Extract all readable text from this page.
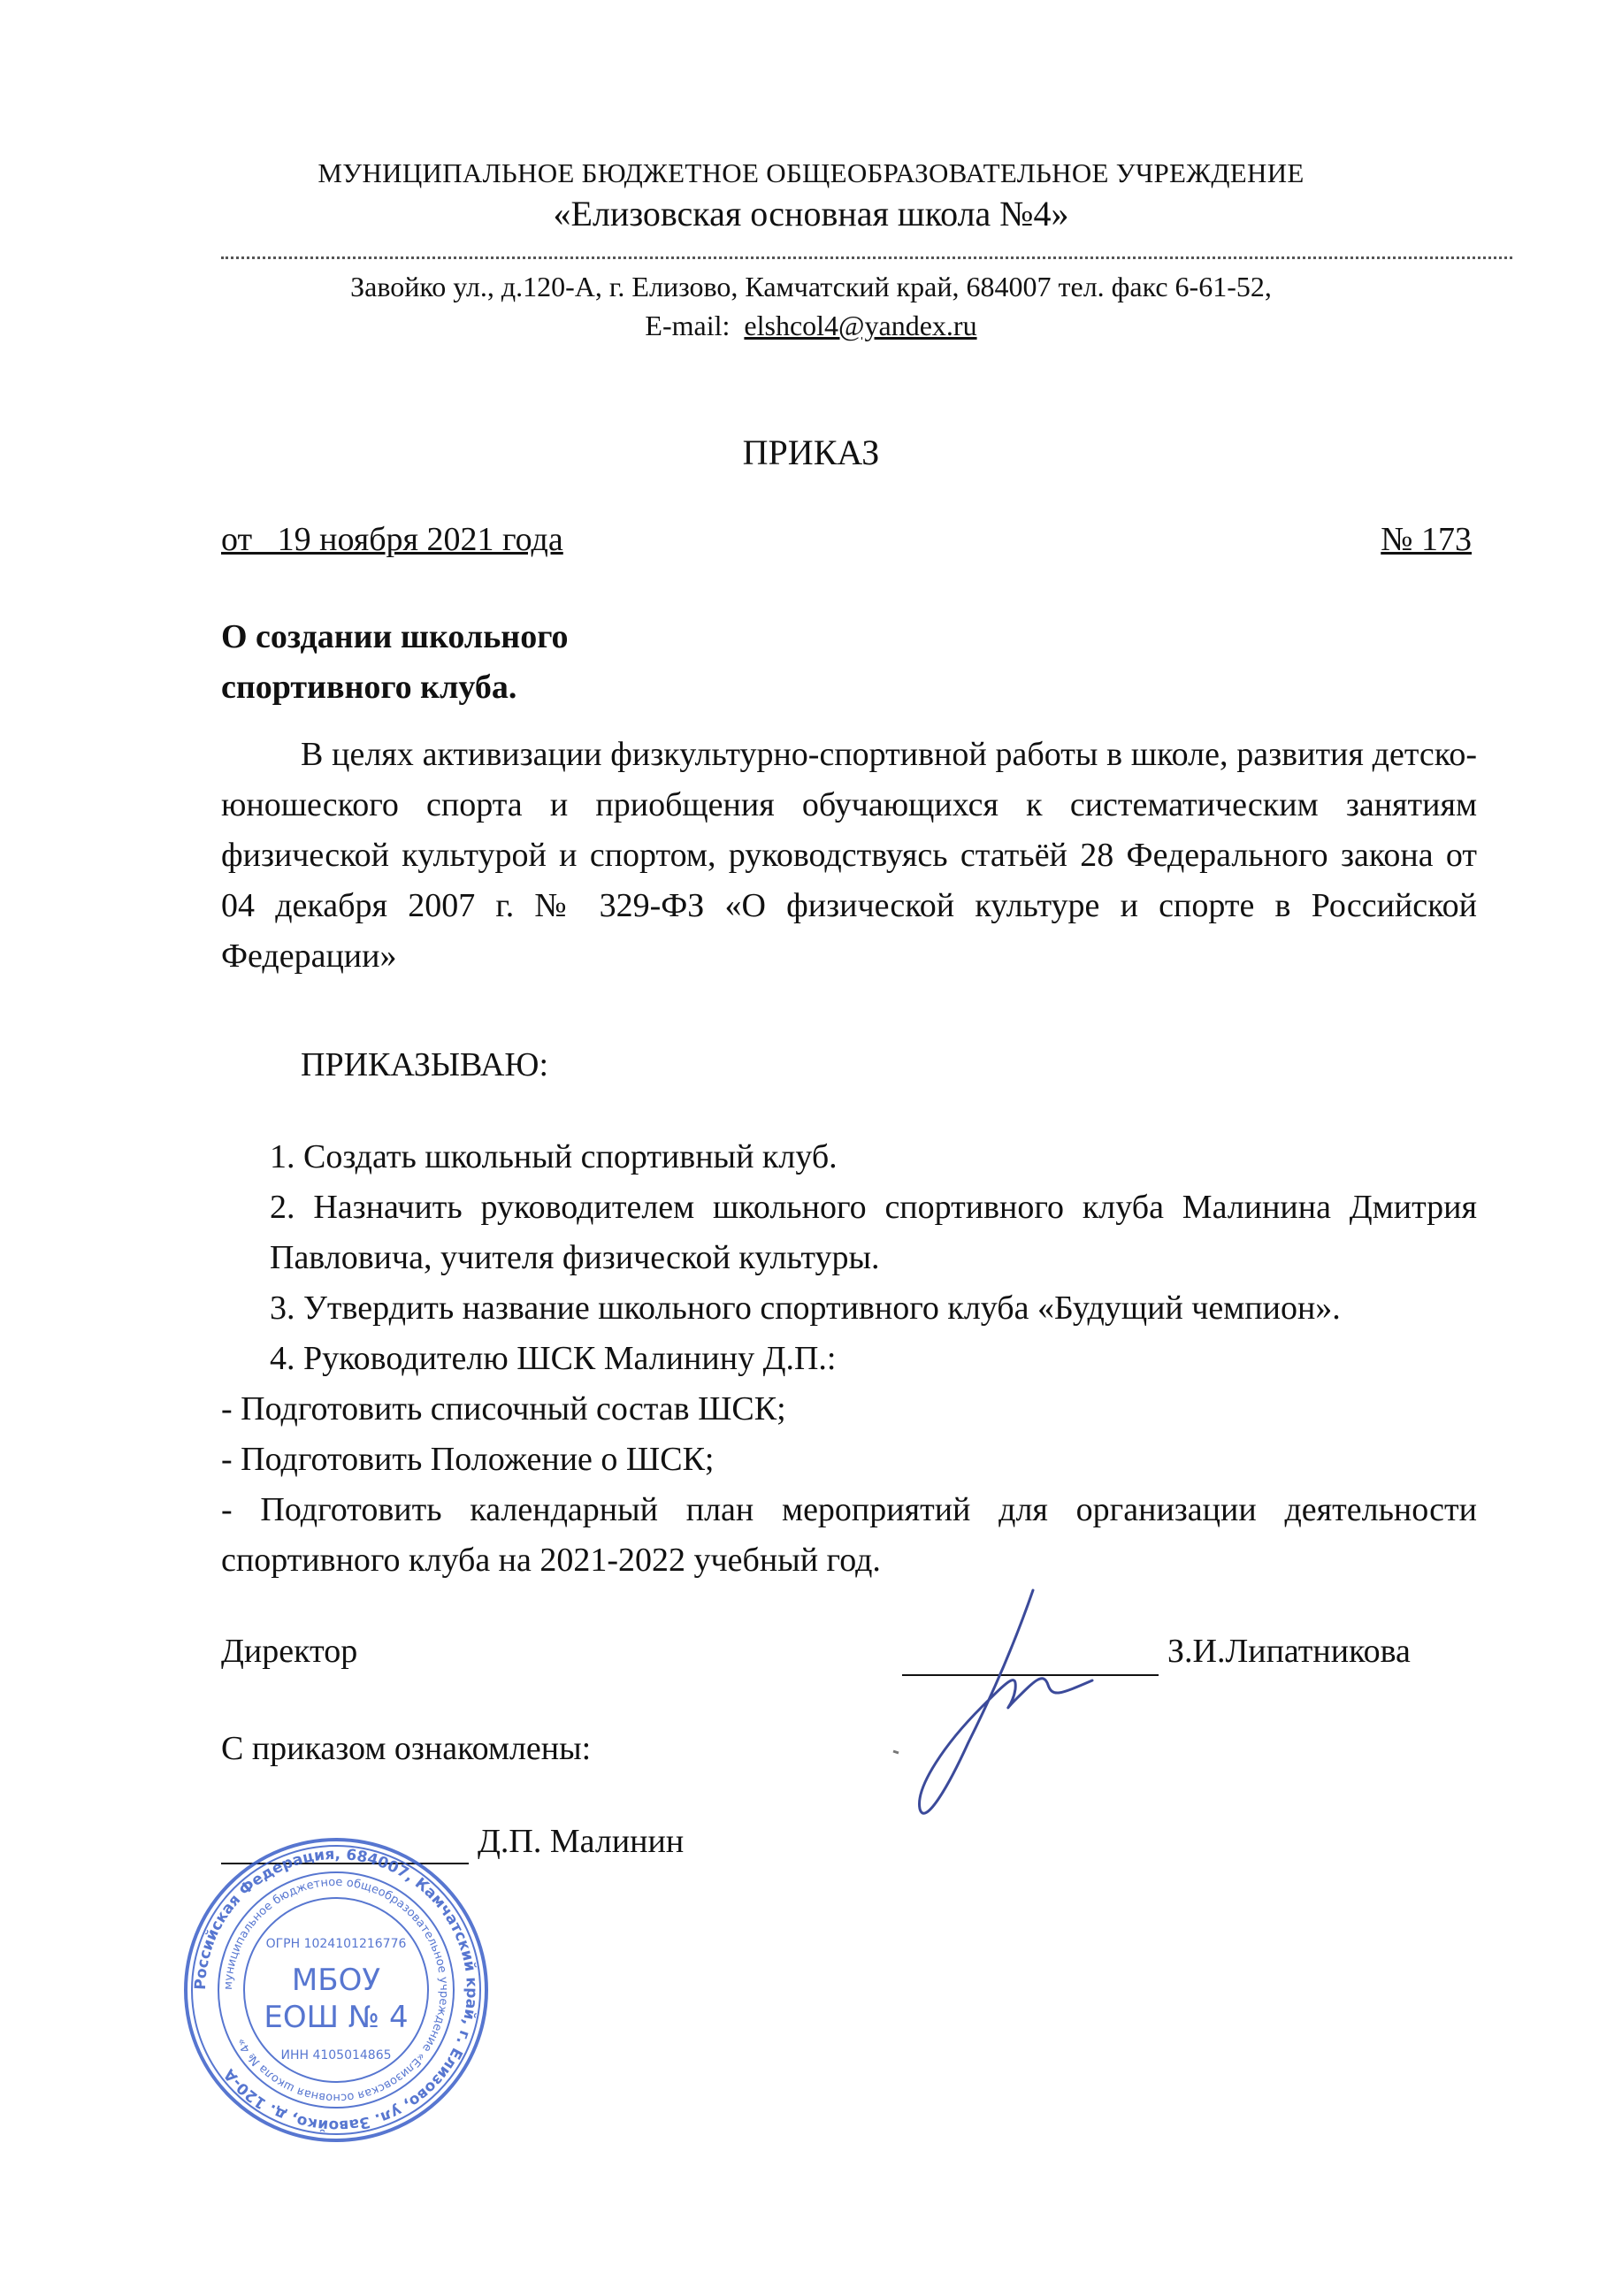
МУНИЦИПАЛЬНОЕ БЮДЖЕТНОЕ ОБЩЕОБРАЗОВАТЕЛЬНОЕ УЧРЕЖДЕНИЕ
«Елизовская основная школа №4»
Завойко ул., д.120-А, г. Елизово, Камчатский край, 684007 тел. факс 6-61-52,
E-mail: elshcol4@yandex.ru
ПРИКАЗ
от   19 ноября 2021 года	№ 173
О создании школьного
спортивного клуба.
В целях активизации физкультурно-спортивной работы в школе, развития детско-юношеского спорта и приобщения обучающихся к систематическим занятиям физической культурой и спортом, руководствуясь статьёй 28 Федерального закона от 04 декабря 2007 г. № 329-ФЗ «О физической культуре и спорте в Российской Федерации»
ПРИКАЗЫВАЮ:
1. Создать школьный спортивный клуб.
2. Назначить руководителем школьного спортивного клуба Малинина Дмитрия Павловича, учителя физической культуры.
3. Утвердить название школьного спортивного клуба «Будущий чемпион».
4. Руководителю ШСК Малинину Д.П.:
- Подготовить списочный состав ШСК;
- Подготовить Положение о ШСК;
- Подготовить календарный план мероприятий для организации деятельности спортивного клуба на 2021-2022 учебный год.
Директор	З.И.Липатникова
С приказом ознакомлены:
Д.П. Малинин
Российская Федерация, 684007, Камчатский край, г. Елизово, ул. Завойко, д. 120-А
муниципальное бюджетное общеобразовательное учреждение «Елизовская основная школа № 4»
ОГРН 1024101216776
МБОУ
ЕОШ № 4
ИНН 4105014865
